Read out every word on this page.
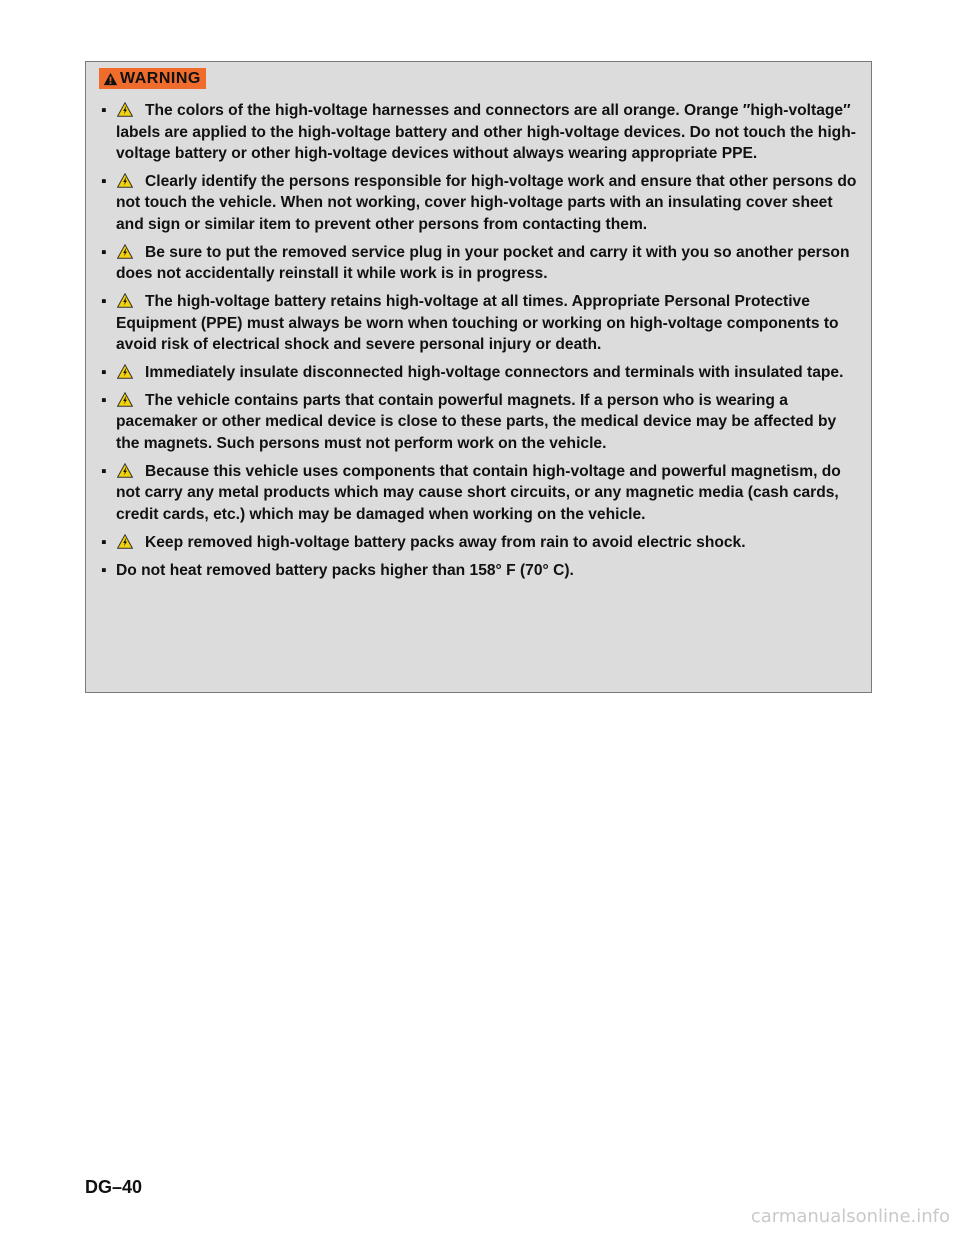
WARNING
▪ The colors of the high-voltage harnesses and connectors are all orange. Orange ″high-voltage″ labels are applied to the high-voltage battery and other high-voltage devices. Do not touch the high-voltage battery or other high-voltage devices without always wearing appropriate PPE.
▪ Clearly identify the persons responsible for high-voltage work and ensure that other persons do not touch the vehicle. When not working, cover high-voltage parts with an insulating cover sheet and sign or similar item to prevent other persons from contacting them.
▪ Be sure to put the removed service plug in your pocket and carry it with you so another person does not accidentally reinstall it while work is in progress.
▪ The high-voltage battery retains high-voltage at all times. Appropriate Personal Protective Equipment (PPE) must always be worn when touching or working on high-voltage components to avoid risk of electrical shock and severe personal injury or death.
▪ Immediately insulate disconnected high-voltage connectors and terminals with insulated tape.
▪ The vehicle contains parts that contain powerful magnets. If a person who is wearing a pacemaker or other medical device is close to these parts, the medical device may be affected by the magnets. Such persons must not perform work on the vehicle.
▪ Because this vehicle uses components that contain high-voltage and powerful magnetism, do not carry any metal products which may cause short circuits, or any magnetic media (cash cards, credit cards, etc.) which may be damaged when working on the vehicle.
▪ Keep removed high-voltage battery packs away from rain to avoid electric shock.
▪ Do not heat removed battery packs higher than 158° F (70° C).
DG–40
carmanualsonline.info
